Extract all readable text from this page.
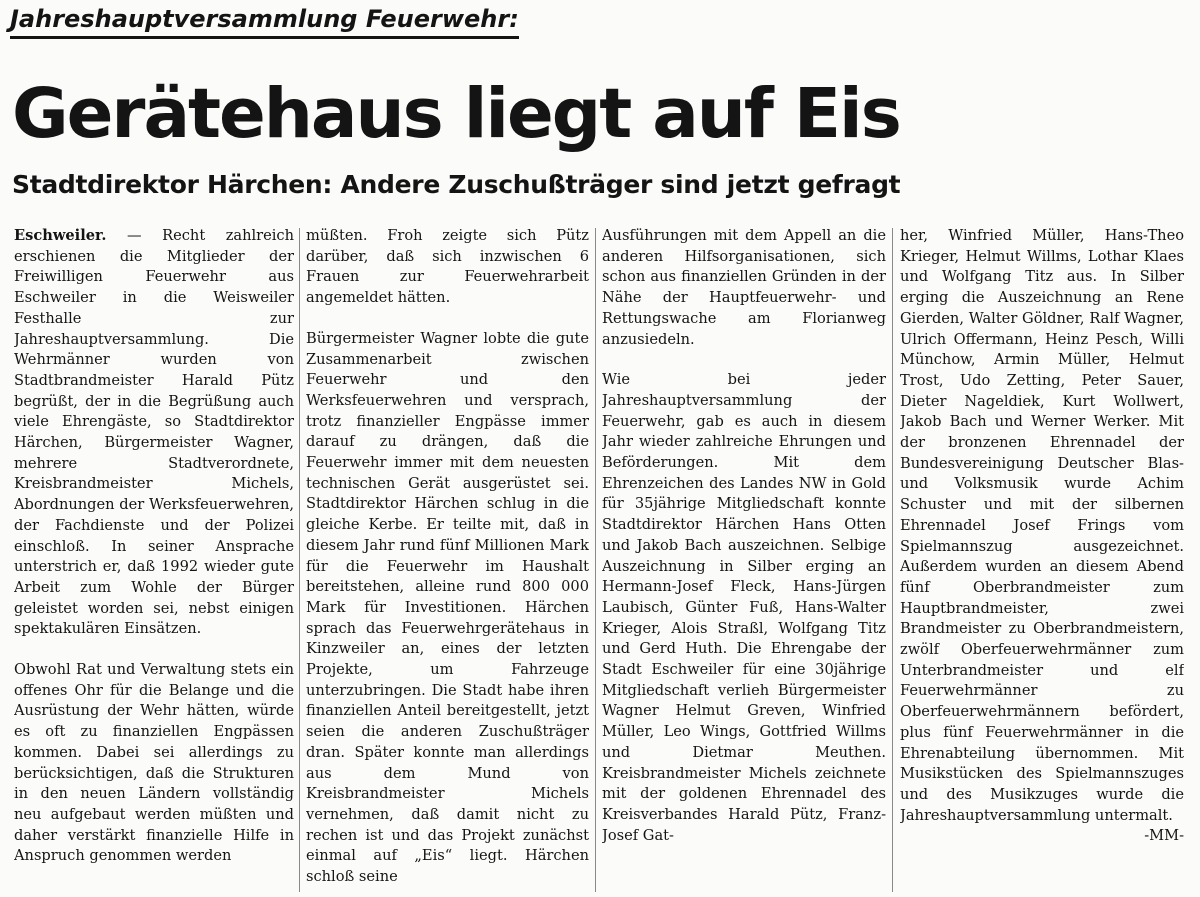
Jahreshauptversammlung Feuerwehr:
Gerätehaus liegt auf Eis
Stadtdirektor Härchen: Andere Zuschußträger sind jetzt gefragt

Eschweiler. — Recht zahlreich erschienen die Mitglieder der Freiwilligen Feuerwehr aus Eschweiler in die Weisweiler Festhalle zur Jahreshauptversammlung. Die Wehrmänner wurden von Stadtbrandmeister Harald Pütz begrüßt, der in die Begrüßung auch viele Ehrengäste, so Stadtdirektor Härchen, Bürgermeister Wagner, mehrere Stadtverordnete, Kreisbrandmeister Michels, Abordnungen der Werksfeuerwehren, der Fachdienste und der Polizei einschloß. In seiner Ansprache unterstrich er, daß 1992 wieder gute Arbeit zum Wohle der Bürger geleistet worden sei, nebst einigen spektakulären Einsätzen.

Obwohl Rat und Verwaltung stets ein offenes Ohr für die Belange und die Ausrüstung der Wehr hätten, würde es oft zu finanziellen Engpässen kommen. Dabei sei allerdings zu berücksichtigen, daß die Strukturen in den neuen Ländern vollständig neu aufgebaut werden müßten und daher verstärkt finanzielle Hilfe in Anspruch genommen werden

müßten. Froh zeigte sich Pütz darüber, daß sich inzwischen 6 Frauen zur Feuerwehrarbeit angemeldet hätten.

Bürgermeister Wagner lobte die gute Zusammenarbeit zwischen Feuerwehr und den Werksfeuerwehren und versprach, trotz finanzieller Engpässe immer darauf zu drängen, daß die Feuerwehr immer mit dem neuesten technischen Gerät ausgerüstet sei. Stadtdirektor Härchen schlug in die gleiche Kerbe. Er teilte mit, daß in diesem Jahr rund fünf Millionen Mark für die Feuerwehr im Haushalt bereitstehen, alleine rund 800 000 Mark für Investitionen. Härchen sprach das Feuerwehrgerätehaus in Kinzweiler an, eines der letzten Projekte, um Fahrzeuge unterzubringen. Die Stadt habe ihren finanziellen Anteil bereitgestellt, jetzt seien die anderen Zuschußträger dran. Später konnte man allerdings aus dem Mund von Kreisbrandmeister Michels vernehmen, daß damit nicht zu rechen ist und das Projekt zunächst einmal auf „Eis“ liegt. Härchen schloß seine

Ausführungen mit dem Appell an die anderen Hilfsorganisationen, sich schon aus finanziellen Gründen in der Nähe der Hauptfeuerwehr- und Rettungswache am Florianweg anzusiedeln.

Wie bei jeder Jahreshauptversammlung der Feuerwehr, gab es auch in diesem Jahr wieder zahlreiche Ehrungen und Beförderungen. Mit dem Ehrenzeichen des Landes NW in Gold für 35jährige Mitgliedschaft konnte Stadtdirektor Härchen Hans Otten und Jakob Bach auszeichnen. Selbige Auszeichnung in Silber erging an Hermann-Josef Fleck, Hans-Jürgen Laubisch, Günter Fuß, Hans-Walter Krieger, Alois Straßl, Wolfgang Titz und Gerd Huth. Die Ehrengabe der Stadt Eschweiler für eine 30jährige Mitgliedschaft verlieh Bürgermeister Wagner Helmut Greven, Winfried Müller, Leo Wings, Gottfried Willms und Dietmar Meuthen. Kreisbrandmeister Michels zeichnete mit der goldenen Ehrennadel des Kreisverbandes Harald Pütz, Franz-Josef Gat-

her, Winfried Müller, Hans-Theo Krieger, Helmut Willms, Lothar Klaes und Wolfgang Titz aus. In Silber erging die Auszeichnung an Rene Gierden, Walter Göldner, Ralf Wagner, Ulrich Offermann, Heinz Pesch, Willi Münchow, Armin Müller, Helmut Trost, Udo Zetting, Peter Sauer, Dieter Nageldiek, Kurt Wollwert, Jakob Bach und Werner Werker. Mit der bronzenen Ehrennadel der Bundesvereinigung Deutscher Blas- und Volksmusik wurde Achim Schuster und mit der silbernen Ehrennadel Josef Frings vom Spielmannszug ausgezeichnet. Außerdem wurden an diesem Abend fünf Oberbrandmeister zum Hauptbrandmeister, zwei Brandmeister zu Oberbrandmeistern, zwölf Oberfeuerwehrmänner zum Unterbrandmeister und elf Feuerwehrmänner zu Oberfeuerwehrmännern befördert, plus fünf Feuerwehrmänner in die Ehrenabteilung übernommen. Mit Musikstücken des Spielmannszuges und des Musikzuges wurde die Jahreshauptversammlung untermalt.

-MM-
